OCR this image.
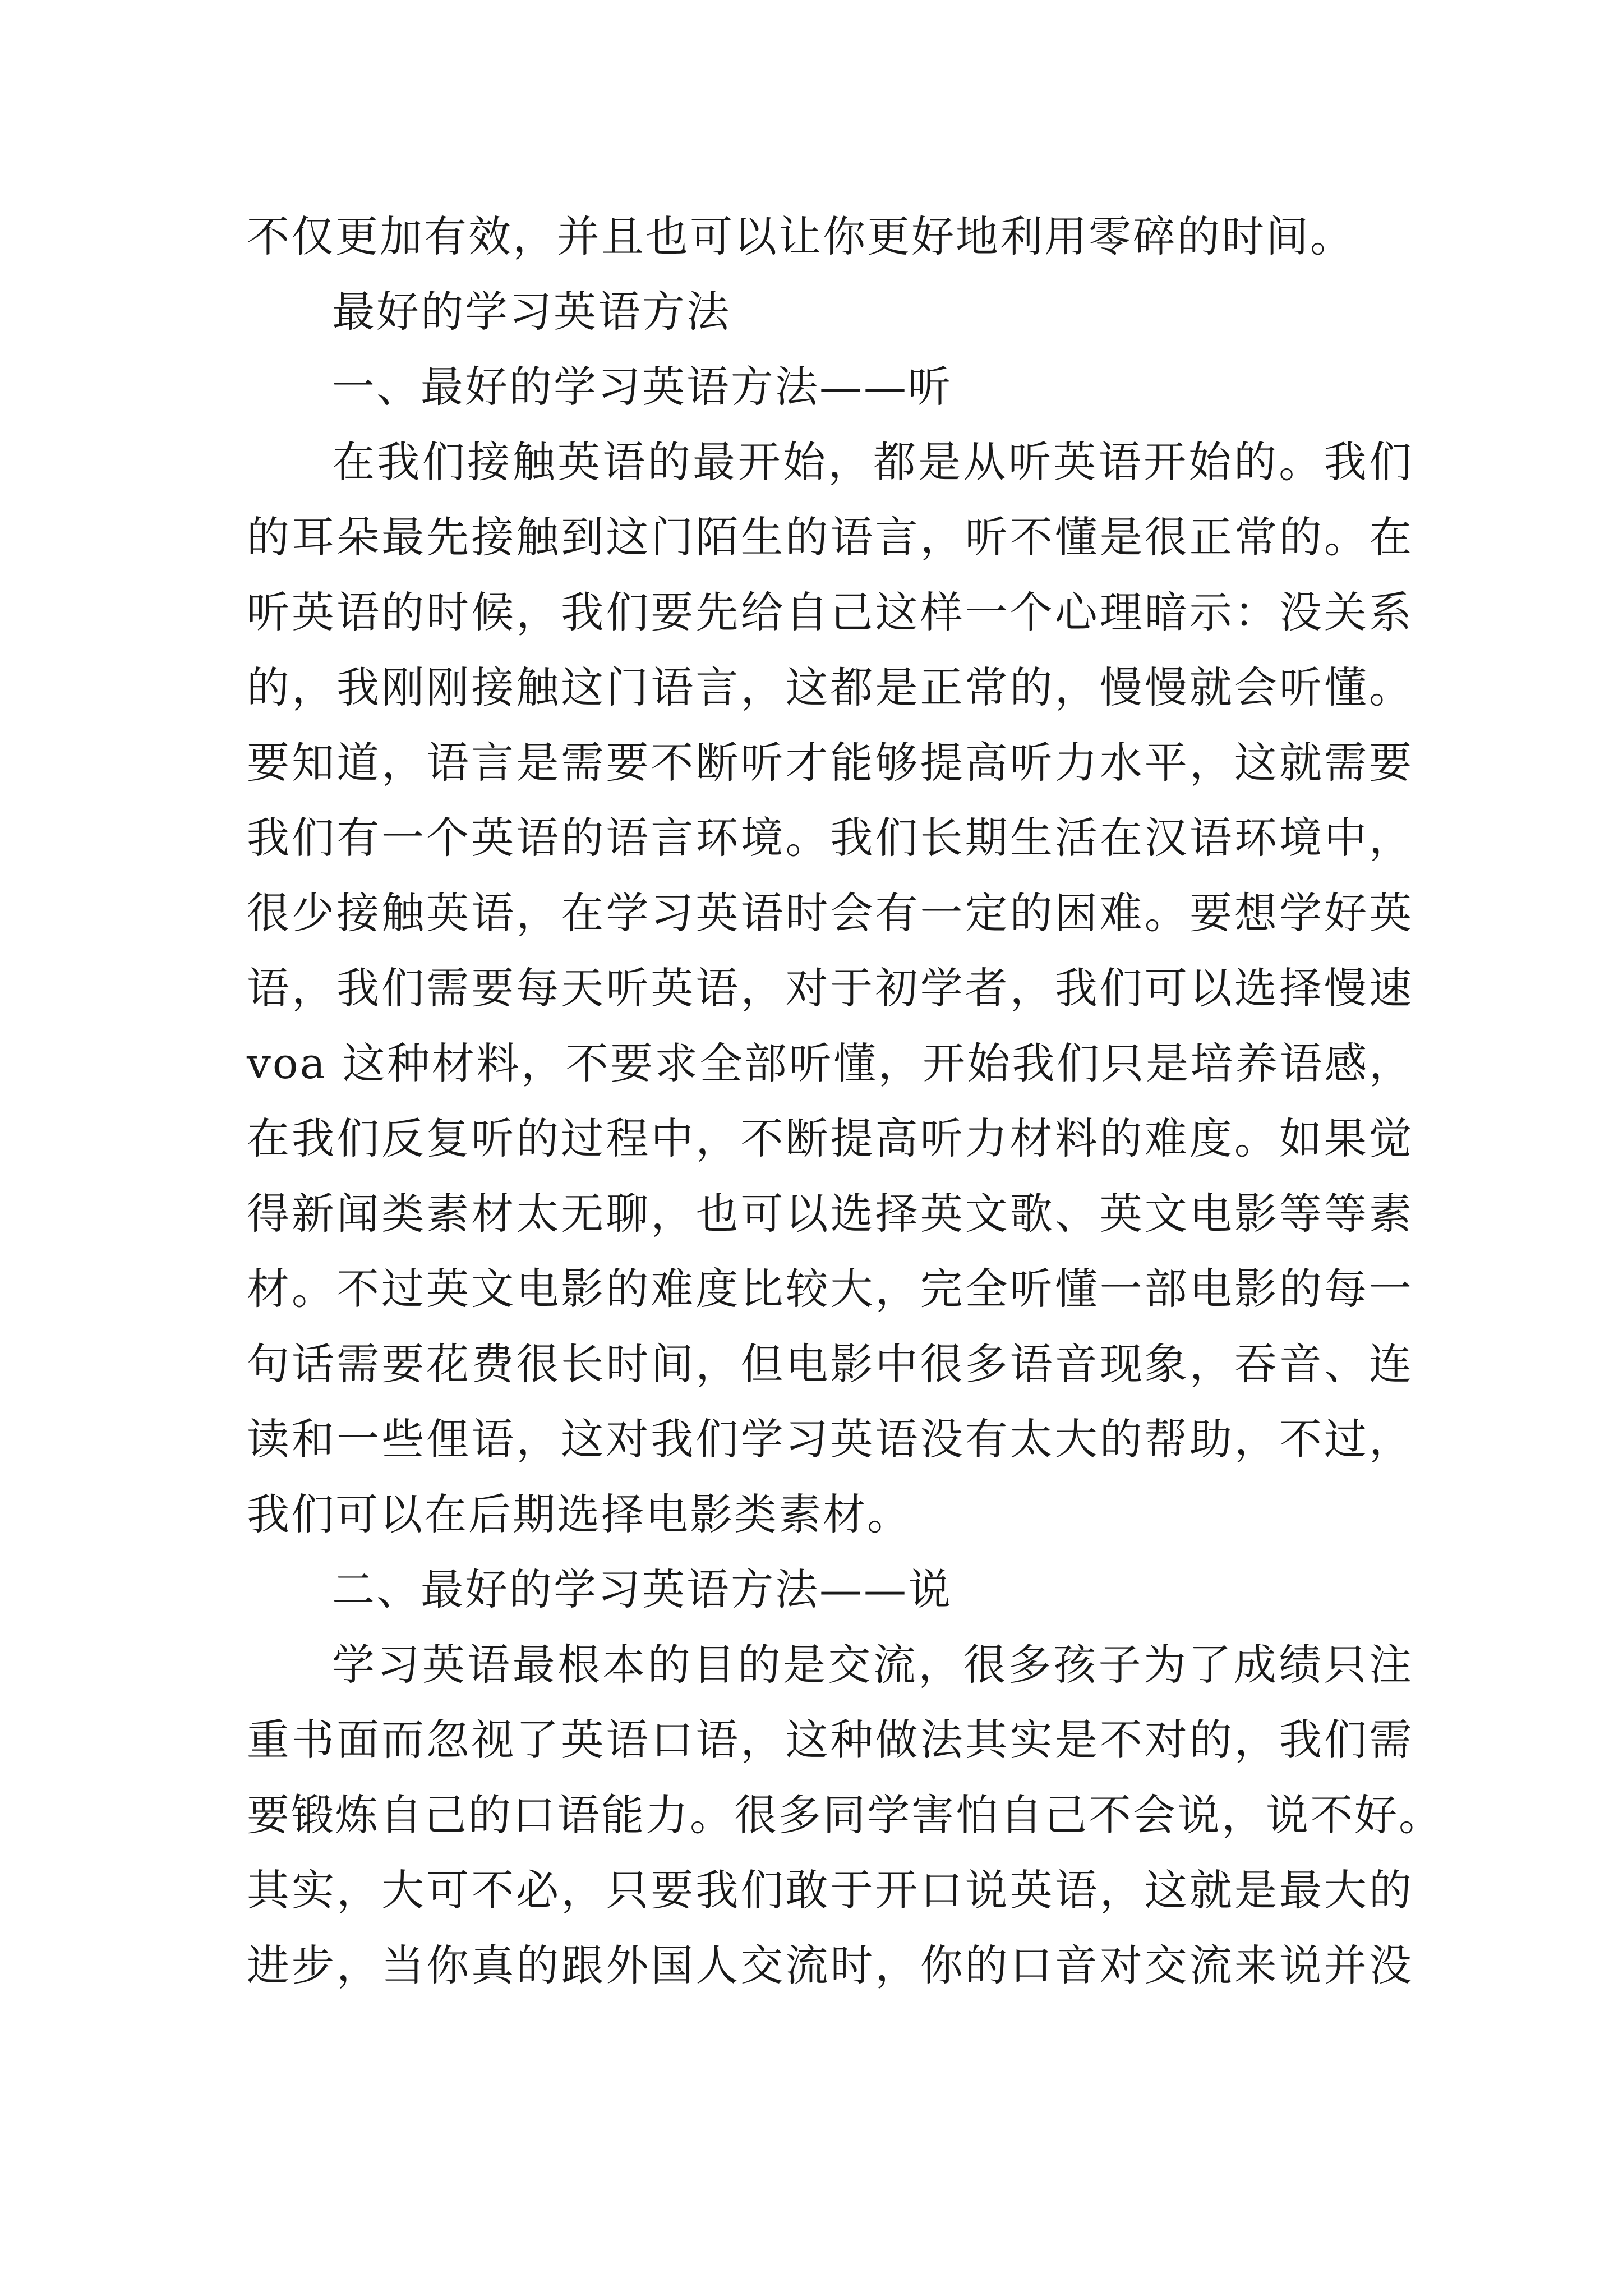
不仅更加有效，并且也可以让你更好地利用零碎的时间。
最好的学习英语方法
一、最好的学习英语方法——听
在我们接触英语的最开始，都是从听英语开始的。我们
的耳朵最先接触到这门陌生的语言，听不懂是很正常的。在
听英语的时候，我们要先给自己这样一个心理暗示：没关系
的，我刚刚接触这门语言，这都是正常的，慢慢就会听懂。
要知道，语言是需要不断听才能够提高听力水平，这就需要
我们有一个英语的语言环境。我们长期生活在汉语环境中，
很少接触英语，在学习英语时会有一定的困难。要想学好英
语，我们需要每天听英语，对于初学者，我们可以选择慢速
voa 这种材料，不要求全部听懂，开始我们只是培养语感，
在我们反复听的过程中，不断提高听力材料的难度。如果觉
得新闻类素材太无聊，也可以选择英文歌、英文电影等等素
材。不过英文电影的难度比较大，完全听懂一部电影的每一
句话需要花费很长时间，但电影中很多语音现象，吞音、连
读和一些俚语，这对我们学习英语没有太大的帮助，不过，
我们可以在后期选择电影类素材。
二、最好的学习英语方法——说
学习英语最根本的目的是交流，很多孩子为了成绩只注
重书面而忽视了英语口语，这种做法其实是不对的，我们需
要锻炼自己的口语能力。很多同学害怕自己不会说，说不好。
其实，大可不必，只要我们敢于开口说英语，这就是最大的
进步，当你真的跟外国人交流时，你的口音对交流来说并没
